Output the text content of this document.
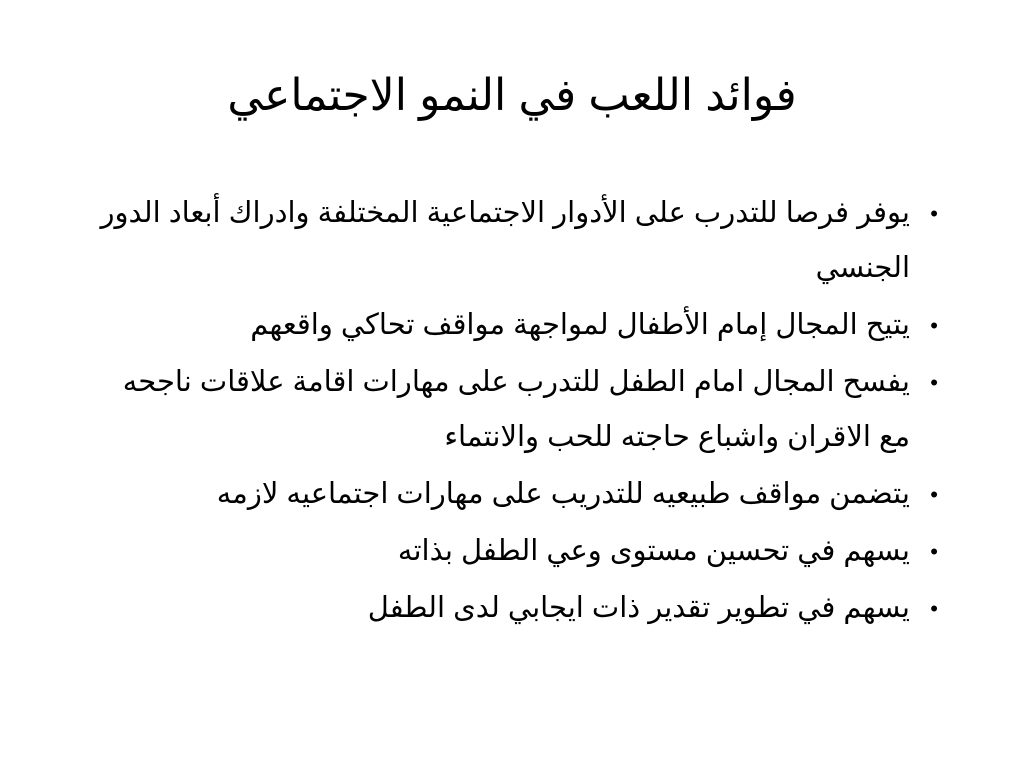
فوائد اللعب في النمو الاجتماعي
•
يوفر فرصا للتدرب على الأدوار الاجتماعية المختلفة وادراك أبعاد الدور الجنسي
•
يتيح المجال إمام الأطفال لمواجهة مواقف تحاكي واقعهم
•
يفسح المجال امام الطفل للتدرب على مهارات اقامة علاقات ناجحه مع الاقران واشباع حاجته للحب والانتماء
•
يتضمن مواقف طبيعيه للتدريب على مهارات اجتماعيه لازمه
•
يسهم في تحسين مستوى وعي الطفل بذاته
•
يسهم في تطوير تقدير ذات ايجابي لدى الطفل
